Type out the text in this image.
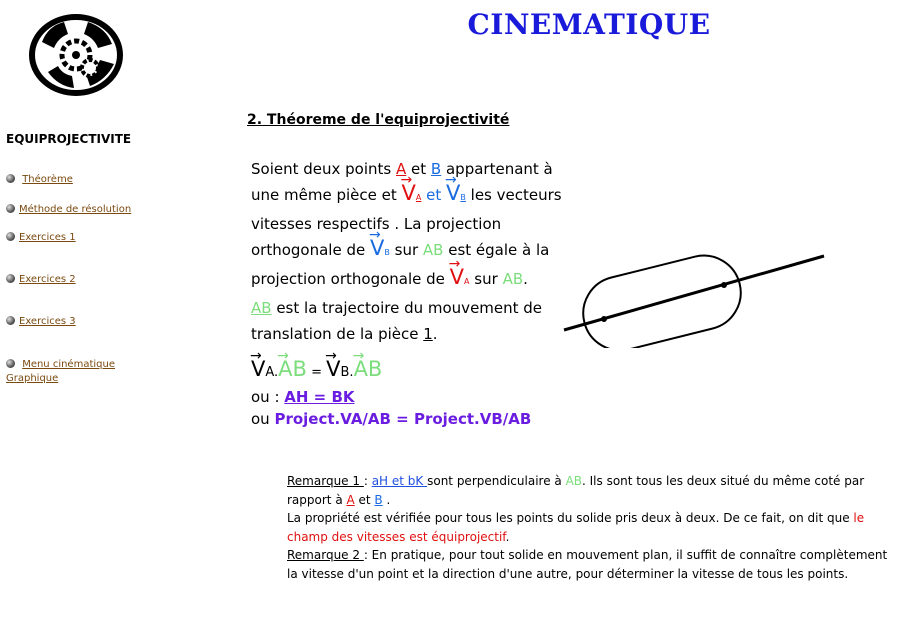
CINEMATIQUE
EQUIPROJECTIVITE
Théorème
Méthode de résolution
Exercices 1
Exercices 2
Exercices 3
Menu cinématique Graphique
2. Théoreme de l'equiprojectivité
Soient deux points A et B appartenant à une même pièce et → VA et → VB les vecteurs vitesses respectifs . La projection orthogonale de → VB sur AB est égale à la projection orthogonale de → VA sur AB.
AB est la trajectoire du mouvement de translation de la pièce 1.
→ VA.→ AB = → VB.→ AB
ou : AH = BK
ou Project.VA/AB = Project.VB/AB
Remarque 1 : aH et bK sont perpendiculaire à AB. Ils sont tous les deux situé du même coté par rapport à A et B .
La propriété est vérifiée pour tous les points du solide pris deux à deux. De ce fait, on dit que le champ des vitesses est équiprojectif.
Remarque 2 : En pratique, pour tout solide en mouvement plan, il suffit de connaître complètement la vitesse d'un point et la direction d'une autre, pour déterminer la vitesse de tous les points.
